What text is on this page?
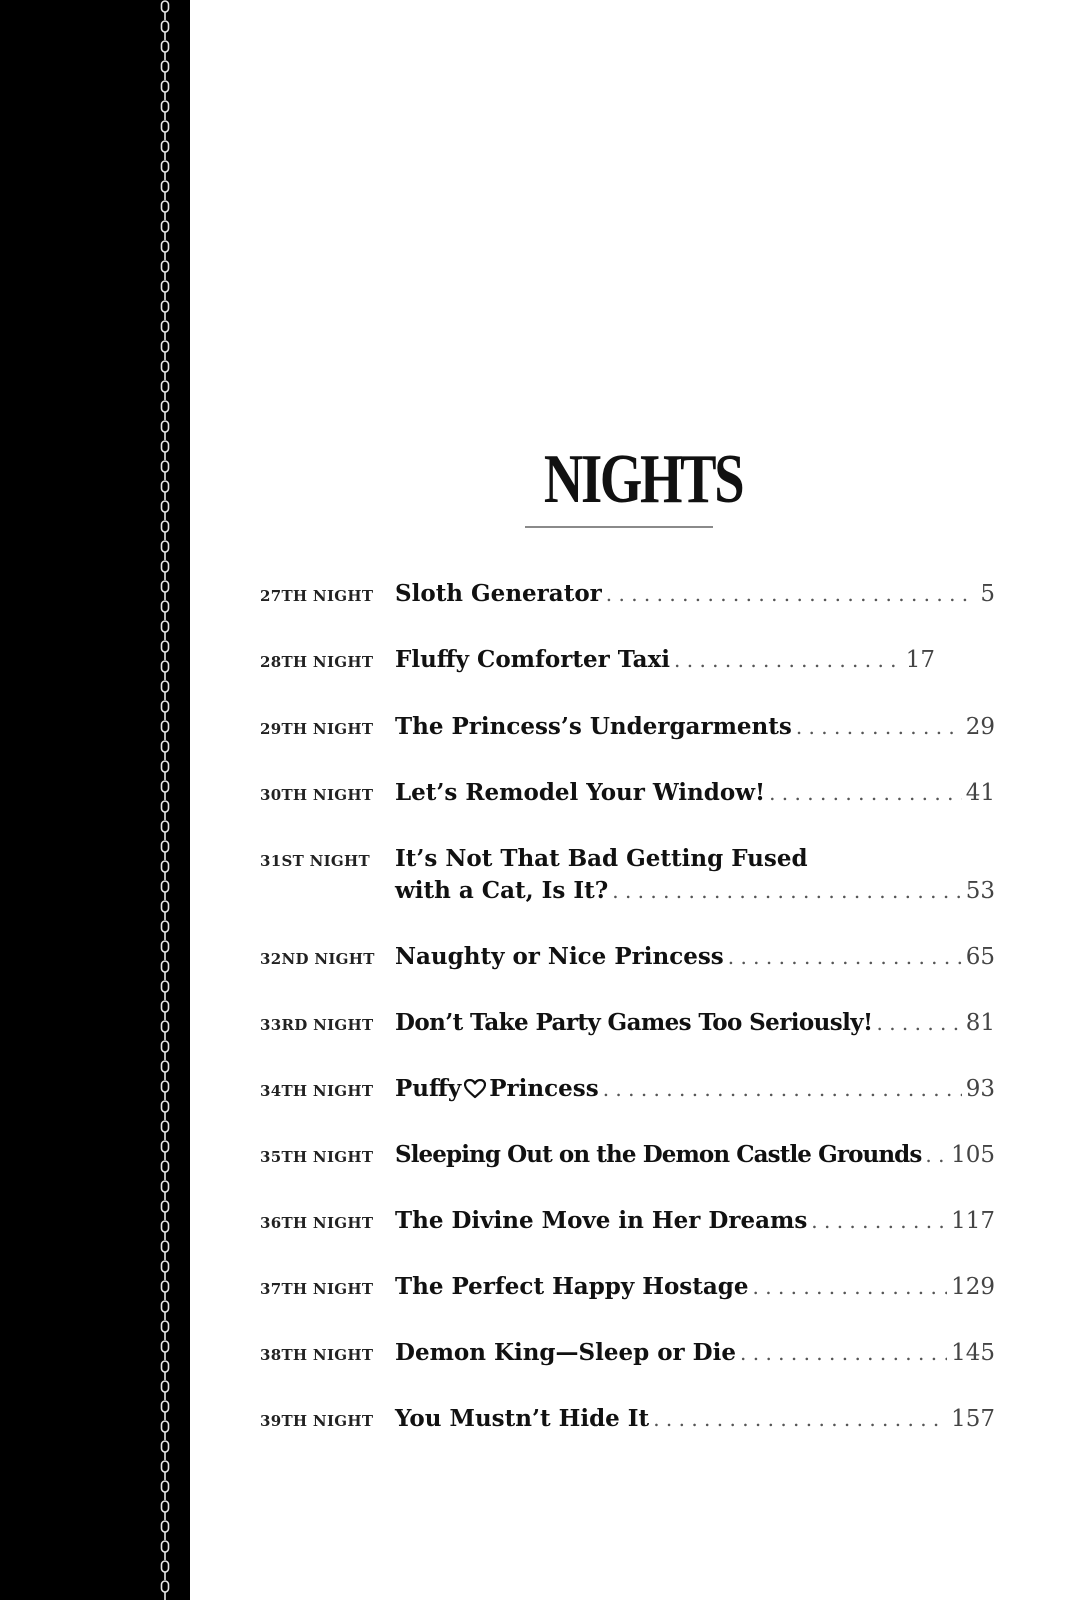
NIGHTS
27TH NIGHT Sloth Generator . . .	5
28TH NIGHT Fluffy Comforter Taxi . . .	17
29TH NIGHT The Princess’s Undergarments . . .	29
30TH NIGHT Let’s Remodel Your Window! . . .	41
31ST NIGHT	It’s Not That Bad Getting Fused
with a Cat, Is It? . . .	53
32ND NIGHT Naughty or Nice Princess . . .	65
33RD NIGHT Don’t Take Party Games Too Seriously! . . .	81
34TH NIGHT Puffy Princess . . .	93
35TH NIGHT Sleeping Out on the Demon Castle Grounds . . . 105
36TH NIGHT The Divine Move in Her Dreams . . .	117
37TH NIGHT The Perfect Happy Hostage . . .	129
38TH NIGHT Demon King—Sleep or Die . . .	145
39TH NIGHT You Mustn’t Hide It . . .	157
